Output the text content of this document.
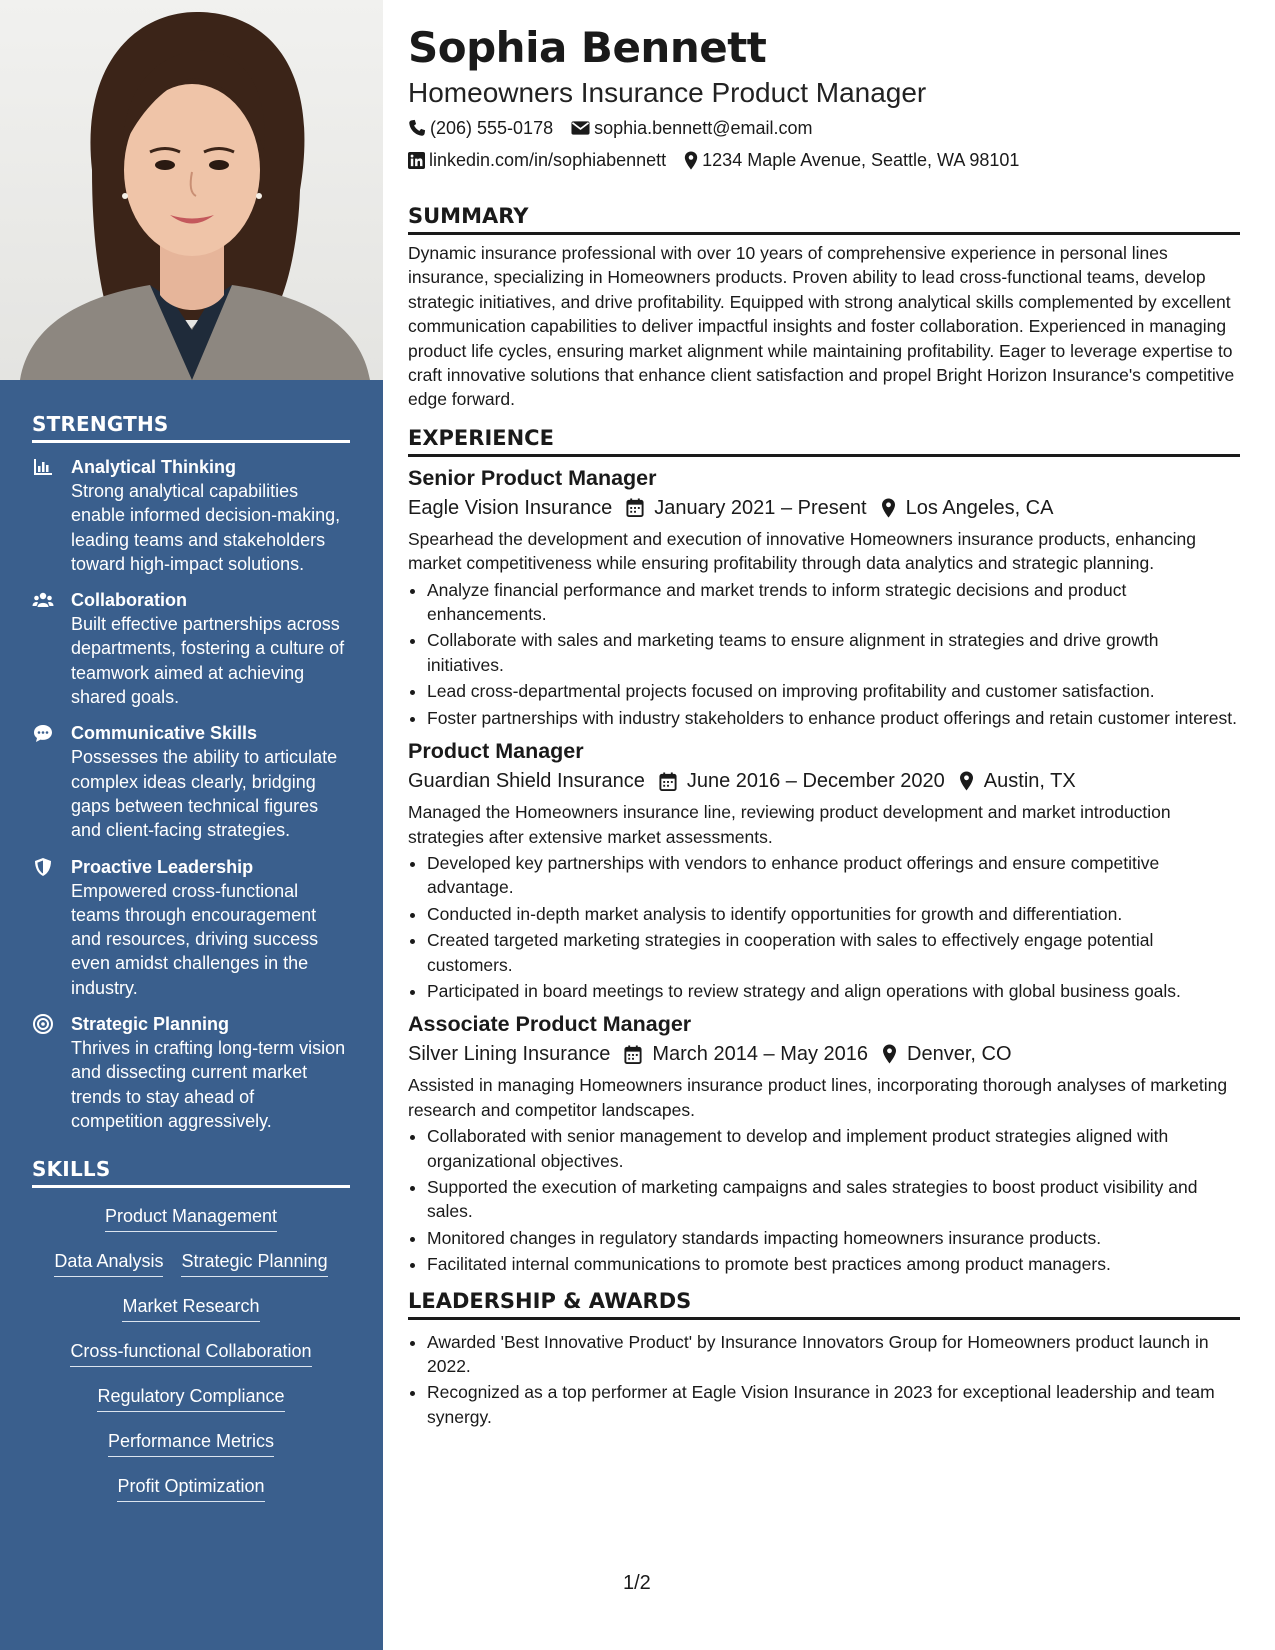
STRENGTHS
Analytical Thinking
Strong analytical capabilities enable informed decision-making, leading teams and stakeholders toward high-impact solutions.
Collaboration
Built effective partnerships across departments, fostering a culture of teamwork aimed at achieving shared goals.
Communicative Skills
Possesses the ability to articulate complex ideas clearly, bridging gaps between technical figures and client-facing strategies.
Proactive Leadership
Empowered cross-functional teams through encouragement and resources, driving success even amidst challenges in the industry.
Strategic Planning
Thrives in crafting long-term vision and dissecting current market trends to stay ahead of competition aggressively.
SKILLS
Product Management
Data Analysis Strategic Planning
Market Research
Cross-functional Collaboration
Regulatory Compliance
Performance Metrics
Profit Optimization
Sophia Bennett
Homeowners Insurance Product Manager
(206) 555-0178 sophia.bennett@email.com
linkedin.com/in/sophiabennett 1234 Maple Avenue, Seattle, WA 98101
SUMMARY

Dynamic insurance professional with over 10 years of comprehensive experience in personal lines insurance, specializing in Homeowners products. Proven ability to lead cross-functional teams, develop strategic initiatives, and drive profitability. Equipped with strong analytical skills complemented by excellent communication capabilities to deliver impactful insights and foster collaboration. Experienced in managing product life cycles, ensuring market alignment while maintaining profitability. Eager to leverage expertise to craft innovative solutions that enhance client satisfaction and propel Bright Horizon Insurance's competitive edge forward.

EXPERIENCE
Senior Product Manager
Eagle Vision Insurance January 2021 – Present Los Angeles, CA

Spearhead the development and execution of innovative Homeowners insurance products, enhancing market competitiveness while ensuring profitability through data analytics and strategic planning.

• Analyze financial performance and market trends to inform strategic decisions and product enhancements.
• Collaborate with sales and marketing teams to ensure alignment in strategies and drive growth initiatives.
• Lead cross-departmental projects focused on improving profitability and customer satisfaction.
• Foster partnerships with industry stakeholders to enhance product offerings and retain customer interest.
Product Manager
Guardian Shield Insurance June 2016 – December 2020 Austin, TX

Managed the Homeowners insurance line, reviewing product development and market introduction strategies after extensive market assessments.

• Developed key partnerships with vendors to enhance product offerings and ensure competitive advantage.
• Conducted in-depth market analysis to identify opportunities for growth and differentiation.
• Created targeted marketing strategies in cooperation with sales to effectively engage potential customers.
• Participated in board meetings to review strategy and align operations with global business goals.
Associate Product Manager
Silver Lining Insurance March 2014 – May 2016 Denver, CO

Assisted in managing Homeowners insurance product lines, incorporating thorough analyses of marketing research and competitor landscapes.

• Collaborated with senior management to develop and implement product strategies aligned with organizational objectives.
• Supported the execution of marketing campaigns and sales strategies to boost product visibility and sales.
• Monitored changes in regulatory standards impacting homeowners insurance products.
• Facilitated internal communications to promote best practices among product managers.
LEADERSHIP & AWARDS
• Awarded 'Best Innovative Product' by Insurance Innovators Group for Homeowners product launch in 2022.
• Recognized as a top performer at Eagle Vision Insurance in 2023 for exceptional leadership and team synergy.
1/2
